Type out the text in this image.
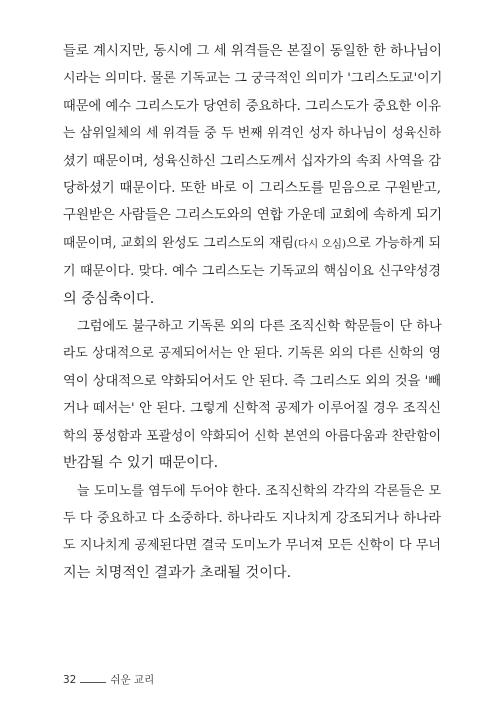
들로 계시지만, 동시에 그 세 위격들은 본질이 동일한 한 하나님이
시라는 의미다. 물론 기독교는 그 궁극적인 의미가 '그리스도교'이기
때문에 예수 그리스도가 당연히 중요하다. 그리스도가 중요한 이유
는 삼위일체의 세 위격들 중 두 번째 위격인 성자 하나님이 성육신하
셨기 때문이며, 성육신하신 그리스도께서 십자가의 속죄 사역을 감
당하셨기 때문이다. 또한 바로 이 그리스도를 믿음으로 구원받고,
구원받은 사람들은 그리스도와의 연합 가운데 교회에 속하게 되기
때문이며, 교회의 완성도 그리스도의 재림(다시 오심)으로 가능하게 되
기 때문이다. 맞다. 예수 그리스도는 기독교의 핵심이요 신구약성경
의 중심축이다.
그럼에도 불구하고 기독론 외의 다른 조직신학 학문들이 단 하나
라도 상대적으로 공제되어서는 안 된다. 기독론 외의 다른 신학의 영
역이 상대적으로 약화되어서도 안 된다. 즉 그리스도 외의 것을 '빼
거나 떼서는' 안 된다. 그렇게 신학적 공제가 이루어질 경우 조직신
학의 풍성함과 포괄성이 약화되어 신학 본연의 아름다움과 찬란함이
반감될 수 있기 때문이다.
늘 도미노를 염두에 두어야 한다. 조직신학의 각각의 각론들은 모
두 다 중요하고 다 소중하다. 하나라도 지나치게 강조되거나 하나라
도 지나치게 공제된다면 결국 도미노가 무너져 모든 신학이 다 무너
지는 치명적인 결과가 초래될 것이다.
32	쉬운 교리
